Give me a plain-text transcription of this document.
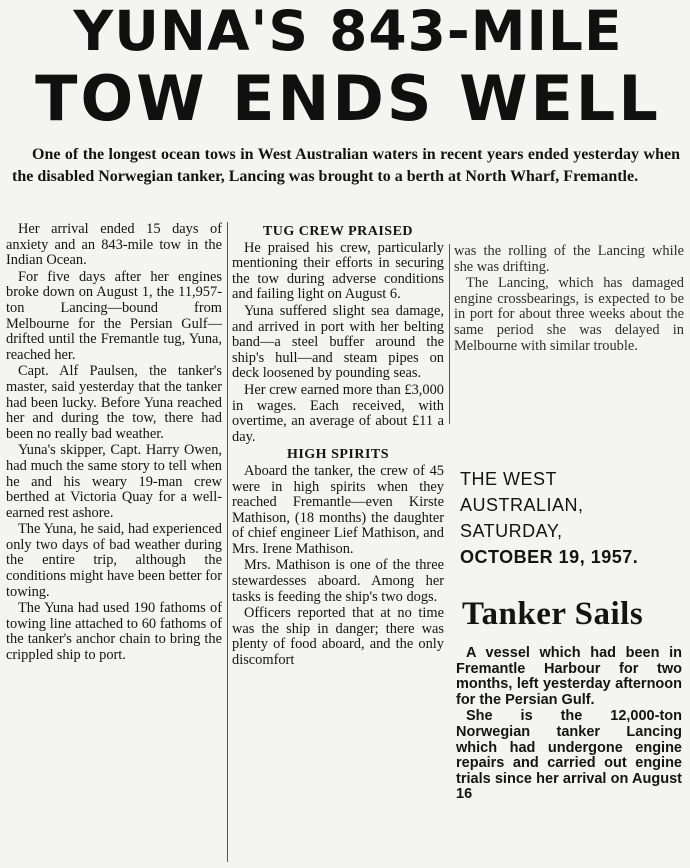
YUNA'S 843-MILE
TOW ENDS WELL

One of the longest ocean tows in West Australian waters in recent years ended yesterday when the disabled Norwegian tanker, Lancing was brought to a berth at North Wharf, Fremantle.

Her arrival ended 15 days of anxiety and an 843-mile tow in the Indian Ocean.

For five days after her engines broke down on August 1, the 11,957-ton Lancing—bound from Melbourne for the Persian Gulf—drifted until the Fremantle tug, Yuna, reached her.

Capt. Alf Paulsen, the tanker's master, said yesterday that the tanker had been lucky. Before Yuna reached her and during the tow, there had been no really bad weather.

Yuna's skipper, Capt. Harry Owen, had much the same story to tell when he and his weary 19-man crew berthed at Victoria Quay for a well-earned rest ashore.

The Yuna, he said, had experienced only two days of bad weather during the entire trip, although the conditions might have been better for towing.

The Yuna had used 190 fathoms of towing line attached to 60 fathoms of the tanker's anchor chain to bring the crippled ship to port.

TUG CREW PRAISED

He praised his crew, particularly mentioning their efforts in securing the tow during adverse conditions and failing light on August 6.

Yuna suffered slight sea damage, and arrived in port with her belting band—a steel buffer around the ship's hull—and steam pipes on deck loosened by pounding seas.

Her crew earned more than £3,000 in wages. Each received, with overtime, an average of about £11 a day.

HIGH SPIRITS

Aboard the tanker, the crew of 45 were in high spirits when they reached Fremantle—even Kirste Mathison, (18 months) the daughter of chief engineer Lief Mathison, and Mrs. Irene Mathison.

Mrs. Mathison is one of the three stewardesses aboard. Among her tasks is feeding the ship's two dogs.

Officers reported that at no time was the ship in danger; there was plenty of food aboard, and the only discomfort

was the rolling of the Lancing while she was drifting.

The Lancing, which has damaged engine crossbearings, is expected to be in port for about three weeks about the same period she was delayed in Melbourne with similar trouble.

THE WEST
AUSTRALIAN,
SATURDAY,
OCTOBER 19, 1957.
Tanker Sails

A vessel which had been in Fremantle Harbour for two months, left yesterday afternoon for the Persian Gulf.

She is the 12,000-ton Norwegian tanker Lancing which had undergone engine repairs and carried out engine trials since her arrival on August 16
